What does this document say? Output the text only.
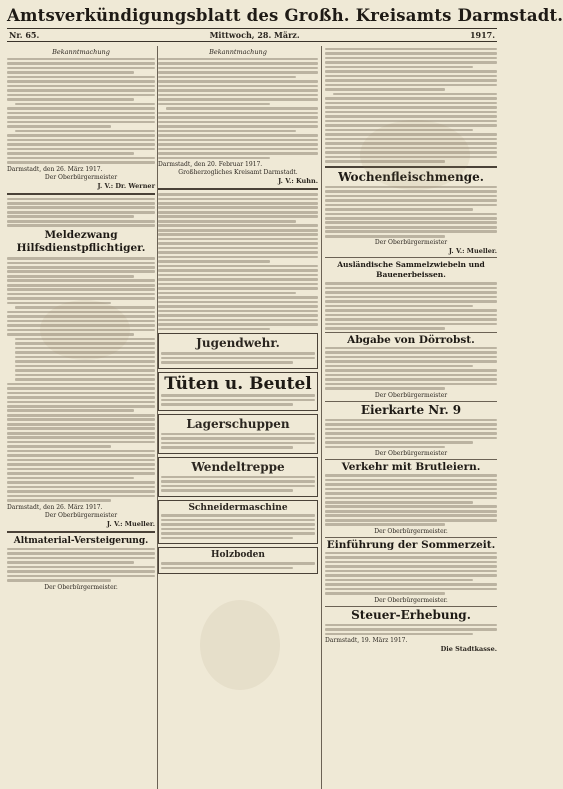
Amtsverkündigungsblatt des Großh. Kreisamts Darmstadt.
Nr. 65.	Mittwoch, 28. März.	1917.
Bekanntmachung
Darmstadt, den 26. März 1917.
Der Oberbürgermeister
J. V.: Dr. Werner
Meldezwang Hilfsdienstpflichtiger.
Darmstadt, den 26. März 1917.
Der Oberbürgermeister
J. V.: Mueller.
Altmaterial-Versteigerung.
Der Oberbürgermeister.
Bekanntmachung
Darmstadt, den 20. Februar 1917.
Großherzogliches Kreisamt Darmstadt.
J. V.: Kuhn.
Jugendwehr.
Tüten u. Beutel
Lagerschuppen
Wendeltreppe
Schneidermaschine
Holzboden
Wochenfleischmenge.
Der Oberbürgermeister
J. V.: Mueller.
Ausländische Sammelzwiebeln und Bauenerbeissen.
Abgabe von Dörrobst.
Der Oberbürgermeister
Eierkarte Nr. 9
Der Oberbürgermeister
Verkehr mit Brutleiern.
Der Oberbürgermeister.
Einführung der Sommerzeit.
Der Oberbürgermeister.
Steuer-Erhebung.
Darmstadt, 19. März 1917.
Die Stadtkasse.
